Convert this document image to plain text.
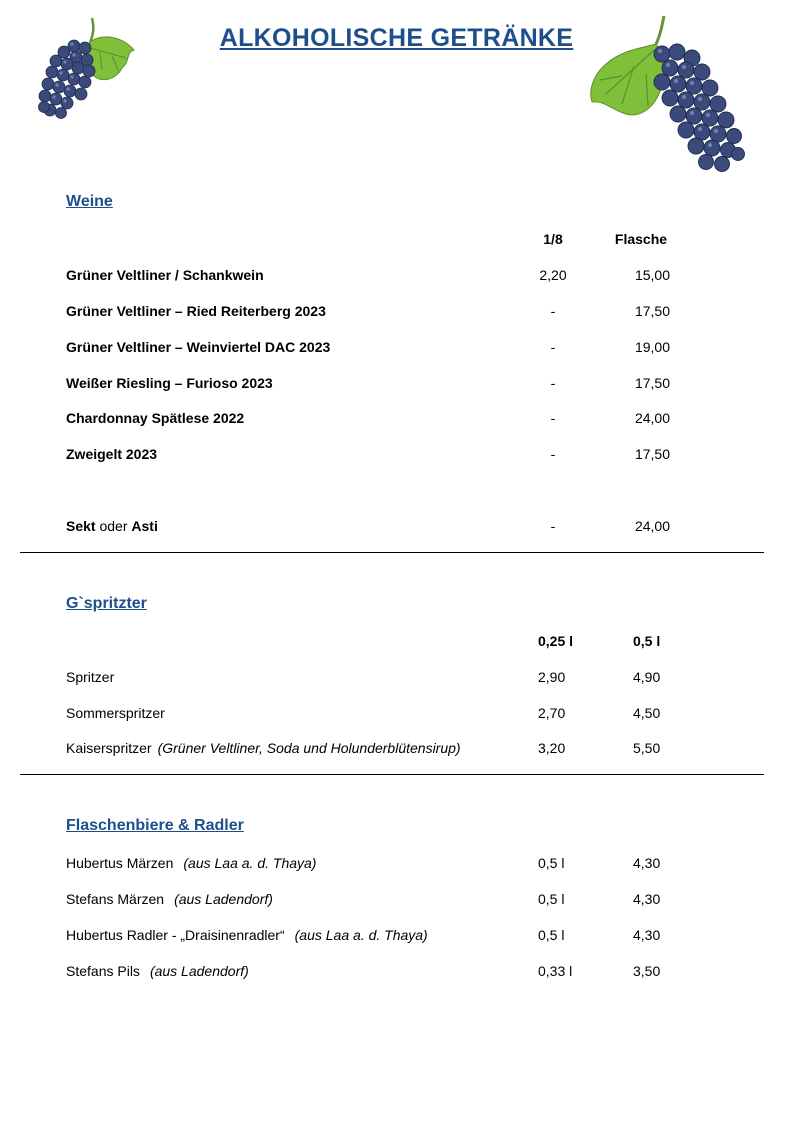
ALKOHOLISCHE GETRÄNKE
Weine
1/8	Flasche
Grüner Veltliner / Schankwein	2,20	15,00
Grüner Veltliner – Ried Reiterberg 2023	-	17,50
Grüner Veltliner – Weinviertel DAC 2023	-	19,00
Weißer Riesling – Furioso 2023	-	17,50
Chardonnay Spätlese 2022	-	24,00
Zweigelt 2023	-	17,50
Sekt oder Asti	-	24,00
G`spritzter
0,25 l	0,5 l
Spritzer	2,90	4,90
Sommerspritzer	2,70	4,50
Kaiserspritzer (Grüner Veltliner, Soda und Holunderblütensirup)	3,20	5,50
Flaschenbiere & Radler
Hubertus Märzen (aus Laa a. d. Thaya)	0,5 l	4,30
Stefans Märzen (aus Ladendorf)	0,5 l	4,30
Hubertus Radler - „Draisinenradler“ (aus Laa a. d. Thaya)	0,5 l	4,30
Stefans Pils (aus Ladendorf)	0,33 l	3,50
